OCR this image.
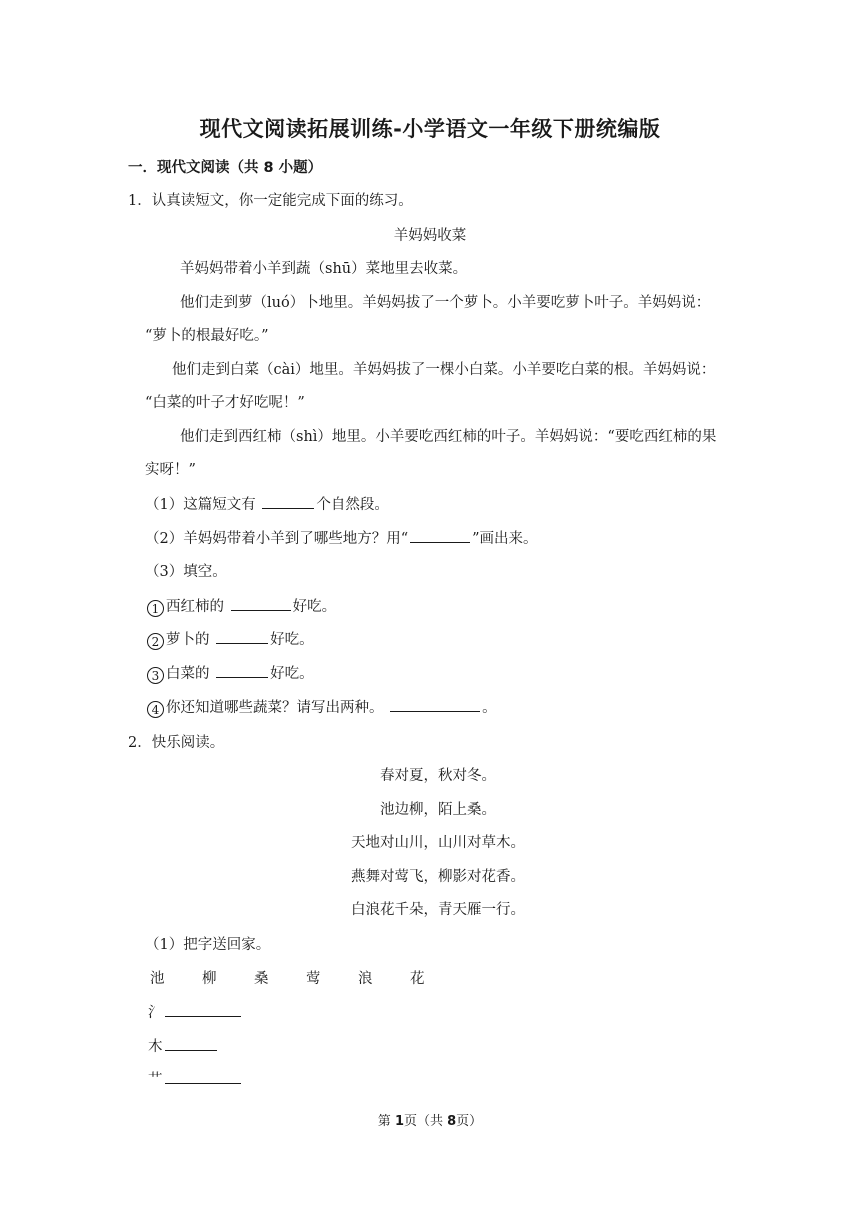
现代文阅读拓展训练-小学语文一年级下册统编版
一．现代文阅读（共 8 小题）
1．认真读短文，你一定能完成下面的练习。
羊妈妈收菜
羊妈妈带着小羊到蔬（shū）菜地里去收菜。
他们走到萝（luó）卜地里。羊妈妈拔了一个萝卜。小羊要吃萝卜叶子。羊妈妈说：
“萝卜的根最好吃。”
他们走到白菜（cài）地里。羊妈妈拔了一棵小白菜。小羊要吃白菜的根。羊妈妈说：
“白菜的叶子才好吃呢！”
他们走到西红柿（shì）地里。小羊要吃西红柿的叶子。羊妈妈说：“要吃西红柿的果
实呀！”
（1）这篇短文有	个自然段。
（2）羊妈妈带着小羊到了哪些地方？用“	”画出来。
（3）填空。
1 西红柿的	好吃。
2 萝卜的	好吃。
3 白菜的	好吃。
4 你还知道哪些蔬菜？请写出两种。	。
2．快乐阅读。
春对夏，秋对冬。
池边柳，陌上桑。
天地对山川，山川对草木。
燕舞对莺飞，柳影对花香。
白浪花千朵，青天雁一行。
（1）把字送回家。
池	柳	桑	莺	浪	花
氵
木
艹
第 1页（共 8页）
